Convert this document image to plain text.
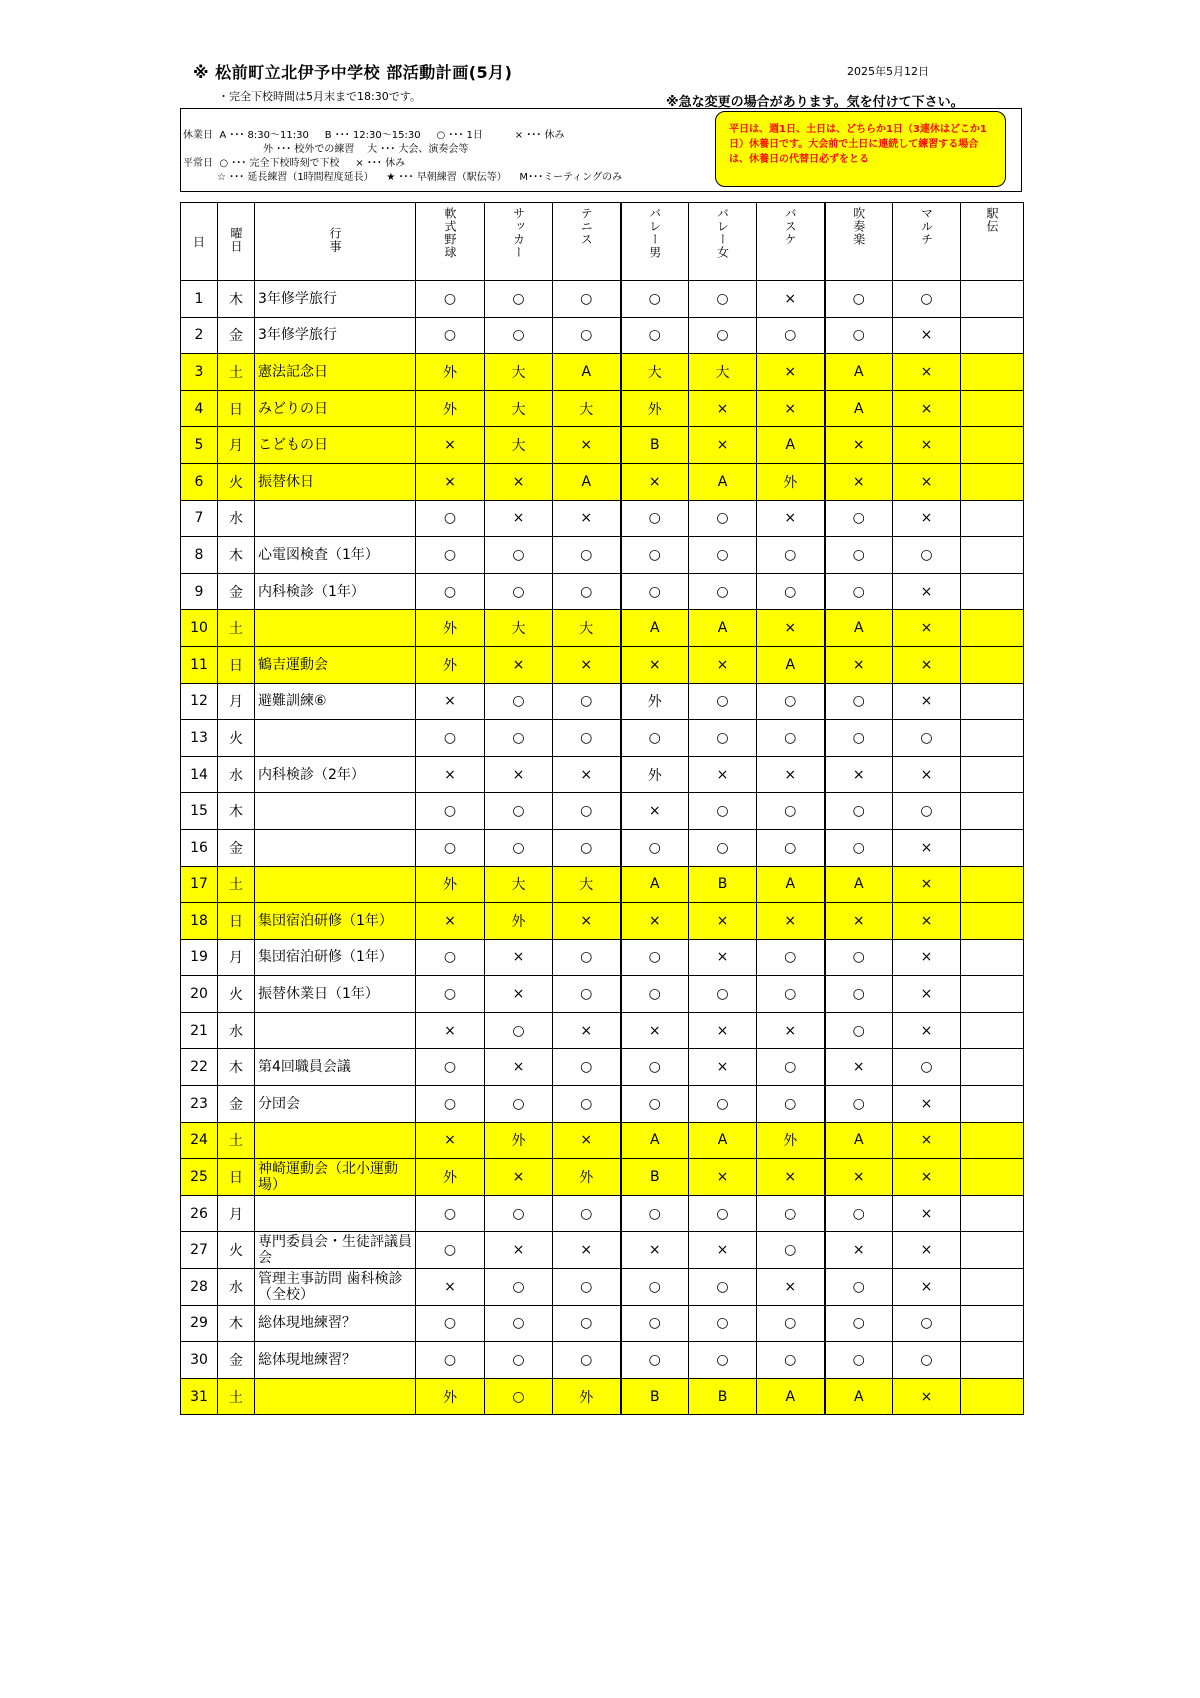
※ 松前町立北伊予中学校 部活動計画(5月)	2025年5月12日
・完全下校時間は5月末まで18:30です。	※急な変更の場合があります。気を付けて下さい。
休業日  A ･･･ 8:30～11:30     B ･･･ 12:30～15:30     ○ ･･･ 1日          × ･･･ 休み
外 ･･･ 校外での練習    大 ･･･ 大会、演奏会等
平常日  ○ ･･･ 完全下校時刻で下校     × ･･･ 休み
☆ ･･･ 延長練習（1時間程度延長）    ★ ･･･ 早朝練習（駅伝等）    M･･･ミーティングのみ
平日は、週1日、土日は、どちらか1日（3連休はどこか1日）休養日です。大会前で土日に連続して練習する場合は、休養日の代替日必ずをとる
日	曜日	行事	軟式野球	サッカー	テニス	バレー男	バレー女	バスケ	吹奏楽	マルチ	駅伝
1	木	3年修学旅行	○	○	○	○	○	×	○	○	
2	金	3年修学旅行	○	○	○	○	○	○	○	×	
3	土	憲法記念日	外	大	A	大	大	×	A	×	
4	日	みどりの日	外	大	大	外	×	×	A	×	
5	月	こどもの日	×	大	×	B	×	A	×	×	
6	火	振替休日	×	×	A	×	A	外	×	×	
7	水		○	×	×	○	○	×	○	×	
8	木	心電図検査（1年）	○	○	○	○	○	○	○	○	
9	金	内科検診（1年）	○	○	○	○	○	○	○	×	
10	土		外	大	大	A	A	×	A	×	
11	日	鶴吉運動会	外	×	×	×	×	A	×	×	
12	月	避難訓練⑥	×	○	○	外	○	○	○	×	
13	火		○	○	○	○	○	○	○	○	
14	水	内科検診（2年）	×	×	×	外	×	×	×	×	
15	木		○	○	○	×	○	○	○	○	
16	金		○	○	○	○	○	○	○	×	
17	土		外	大	大	A	B	A	A	×	
18	日	集団宿泊研修（1年）	×	外	×	×	×	×	×	×	
19	月	集団宿泊研修（1年）	○	×	○	○	×	○	○	×	
20	火	振替休業日（1年）	○	×	○	○	○	○	○	×	
21	水		×	○	×	×	×	×	○	×	
22	木	第4回職員会議	○	×	○	○	×	○	×	○	
23	金	分団会	○	○	○	○	○	○	○	×	
24	土		×	外	×	A	A	外	A	×	
25	日	神崎運動会（北小運動場）	外	×	外	B	×	×	×	×	
26	月		○	○	○	○	○	○	○	×	
27	火	専門委員会・生徒評議員会	○	×	×	×	×	○	×	×	
28	水	管理主事訪問 歯科検診（全校）	×	○	○	○	○	×	○	×	
29	木	総体現地練習？	○	○	○	○	○	○	○	○	
30	金	総体現地練習？	○	○	○	○	○	○	○	○	
31	土		外	○	外	B	B	A	A	×	
